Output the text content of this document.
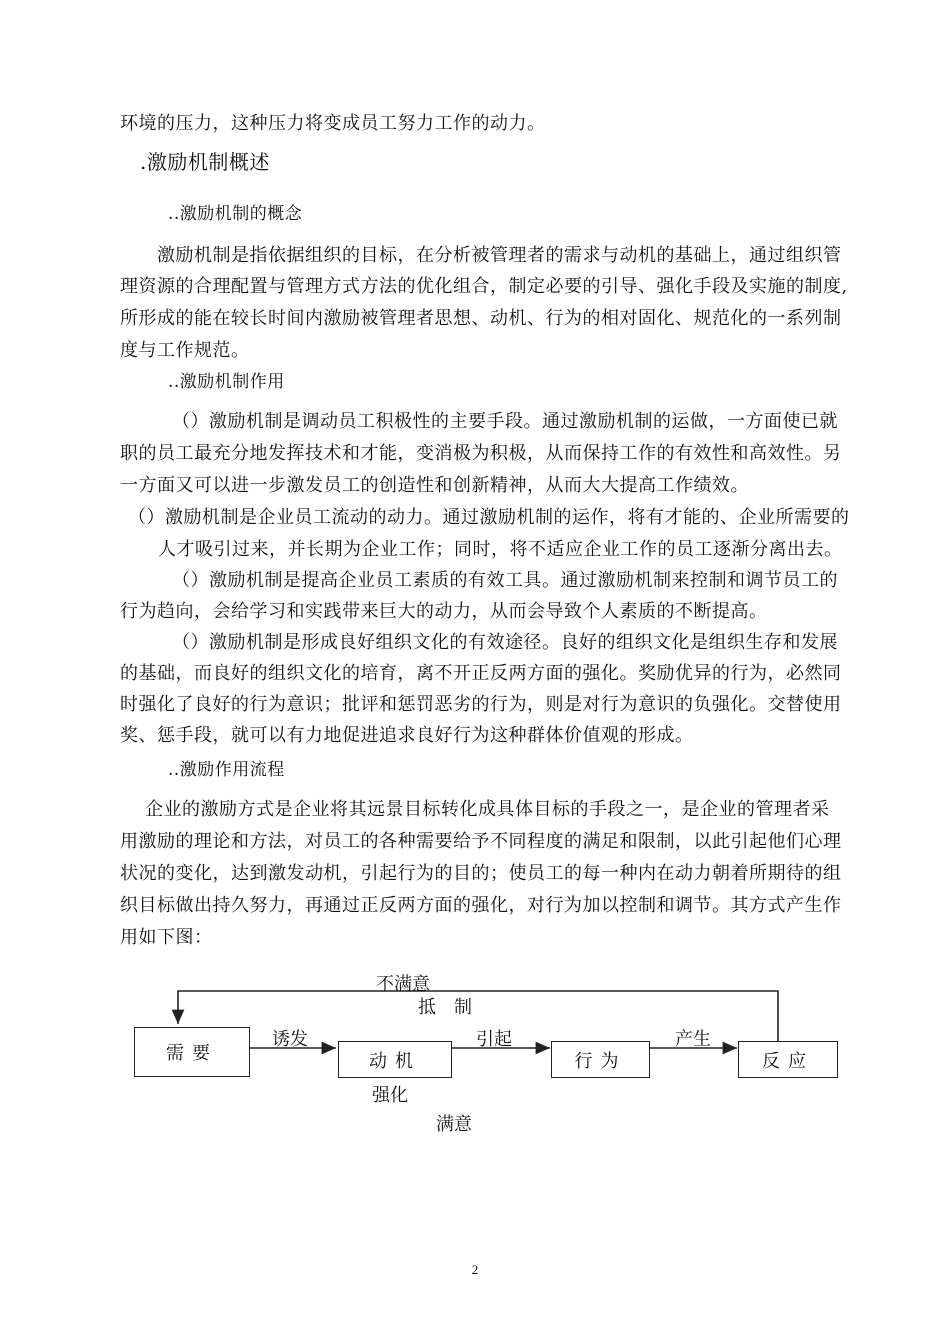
环境的压力，这种压力将变成员工努力工作的动力。
.激励机制概述
..激励机制的概念
激励机制是指依据组织的目标，在分析被管理者的需求与动机的基础上，通过组织管
理资源的合理配置与管理方式方法的优化组合，制定必要的引导、强化手段及实施的制度,
所形成的能在较长时间内激励被管理者思想、动机、行为的相对固化、规范化的一系列制
度与工作规范。
..激励机制作用
（）激励机制是调动员工积极性的主要手段。通过激励机制的运做，一方面使已就
职的员工最充分地发挥技术和才能，变消极为积极，从而保持工作的有效性和高效性。另
一方面又可以进一步激发员工的创造性和创新精神，从而大大提高工作绩效。
（）激励机制是企业员工流动的动力。通过激励机制的运作，将有才能的、企业所需要的
人才吸引过来，并长期为企业工作；同时，将不适应企业工作的员工逐渐分离出去。
（）激励机制是提高企业员工素质的有效工具。通过激励机制来控制和调节员工的
行为趋向，会给学习和实践带来巨大的动力，从而会导致个人素质的不断提高。
（）激励机制是形成良好组织文化的有效途径。良好的组织文化是组织生存和发展
的基础，而良好的组织文化的培育，离不开正反两方面的强化。奖励优异的行为，必然同
时强化了良好的行为意识；批评和惩罚恶劣的行为，则是对行为意识的负强化。交替使用
奖、惩手段，就可以有力地促进追求良好行为这种群体价值观的形成。
..激励作用流程
企业的激励方式是企业将其远景目标转化成具体目标的手段之一，是企业的管理者采
用激励的理论和方法，对员工的各种需要给予不同程度的满足和限制，以此引起他们心理
状况的变化，达到激发动机，引起行为的目的；使员工的每一种内在动力朝着所期待的组
织目标做出持久努力，再通过正反两方面的强化，对行为加以控制和调节。其方式产生作
用如下图：
需要	动机	行为	反应
不满意
抵　制
诱发	引起	产生
强化
满意
2
